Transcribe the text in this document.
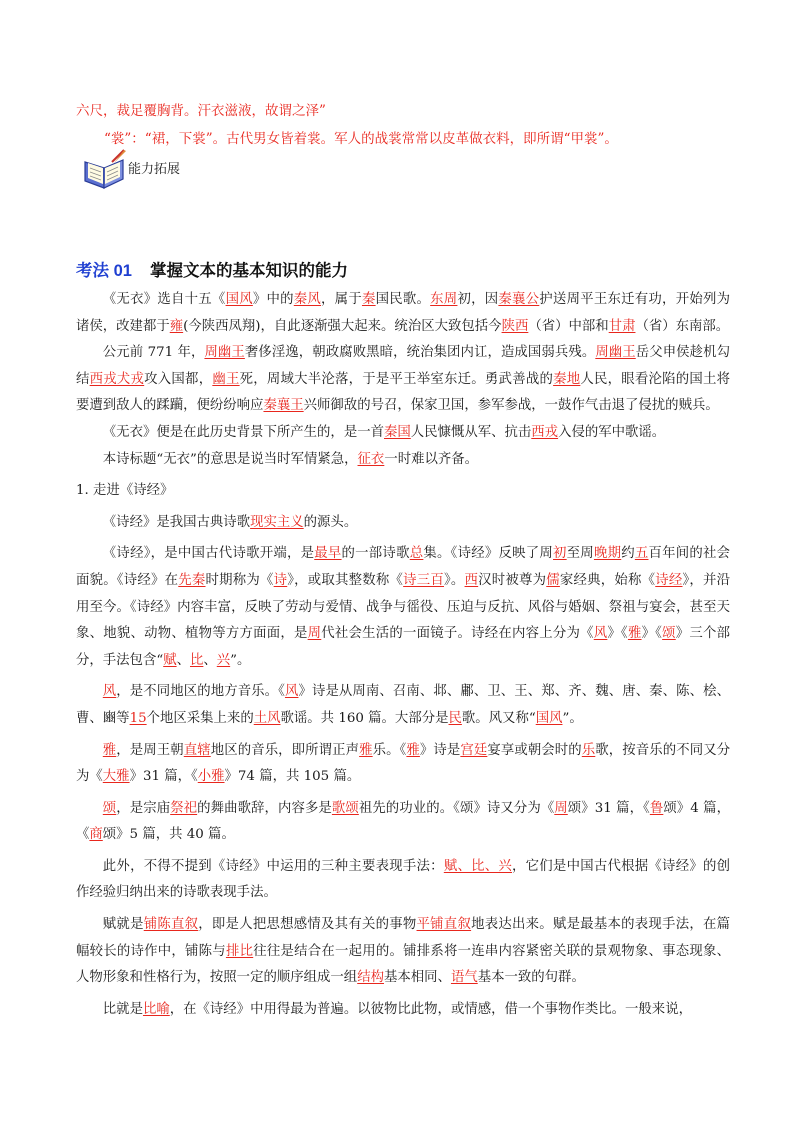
六尺，裁足覆胸背。汗衣滋液，故谓之泽”
“裳”：“裙，下裳”。古代男女皆着裳。军人的战裳常常以皮革做衣料，即所谓“甲裳”。
能力拓展
考法 01 掌握文本的基本知识的能力

《无衣》选自十五《国风》中的秦风，属于秦国民歌。东周初，因秦襄公护送周平王东迁有功，开始列为诸侯，改建都于雍(今陕西凤翔)，自此逐渐强大起来。统治区大致包括今陕西（省）中部和甘肃（省）东南部。

公元前 771 年，周幽王奢侈淫逸，朝政腐败黑暗，统治集团内讧，造成国弱兵残。周幽王岳父申侯趁机勾结西戎犬戎攻入国都，幽王死，周域大半沦落，于是平王举室东迁。勇武善战的秦地人民，眼看沦陷的国土将要遭到敌人的蹂躏，便纷纷响应秦襄王兴师御敌的号召，保家卫国，参军参战，一鼓作气击退了侵扰的贼兵。

《无衣》便是在此历史背景下所产生的，是一首秦国人民慷慨从军、抗击西戎入侵的军中歌谣。

本诗标题“无衣”的意思是说当时军情紧急，征衣一时难以齐备。

1. 走进《诗经》

《诗经》是我国古典诗歌现实主义的源头。

《诗经》，是中国古代诗歌开端，是最早的一部诗歌总集。《诗经》反映了周初至周晚期约五百年间的社会面貌。《诗经》在先秦时期称为《诗》，或取其整数称《诗三百》。西汉时被尊为儒家经典，始称《诗经》，并沿用至今。《诗经》内容丰富，反映了劳动与爱情、战争与徭役、压迫与反抗、风俗与婚姻、祭祖与宴会，甚至天象、地貌、动物、植物等方方面面，是周代社会生活的一面镜子。诗经在内容上分为《风》《雅》《颂》三个部分，手法包含“赋、比、兴”。

风，是不同地区的地方音乐。《风》诗是从周南、召南、邶、鄘、卫、王、郑、齐、魏、唐、秦、陈、桧、曹、豳等15个地区采集上来的土风歌谣。共 160 篇。大部分是民歌。风又称“国风”。

雅，是周王朝直辖地区的音乐，即所谓正声雅乐。《雅》诗是宫廷宴享或朝会时的乐歌，按音乐的不同又分为《大雅》31 篇，《小雅》74 篇，共 105 篇。

颂，是宗庙祭祀的舞曲歌辞，内容多是歌颂祖先的功业的。《颂》诗又分为《周颂》31 篇，《鲁颂》4 篇，《商颂》5 篇，共 40 篇。

此外，不得不提到《诗经》中运用的三种主要表现手法：赋、比、兴，它们是中国古代根据《诗经》的创作经验归纳出来的诗歌表现手法。

赋就是铺陈直叙，即是人把思想感情及其有关的事物平铺直叙地表达出来。赋是最基本的表现手法，在篇幅较长的诗作中，铺陈与排比往往是结合在一起用的。铺排系将一连串内容紧密关联的景观物象、事态现象、人物形象和性格行为，按照一定的顺序组成一组结构基本相同、语气基本一致的句群。

比就是比喻，在《诗经》中用得最为普遍。以彼物比此物，或情感，借一个事物作类比。一般来说，
